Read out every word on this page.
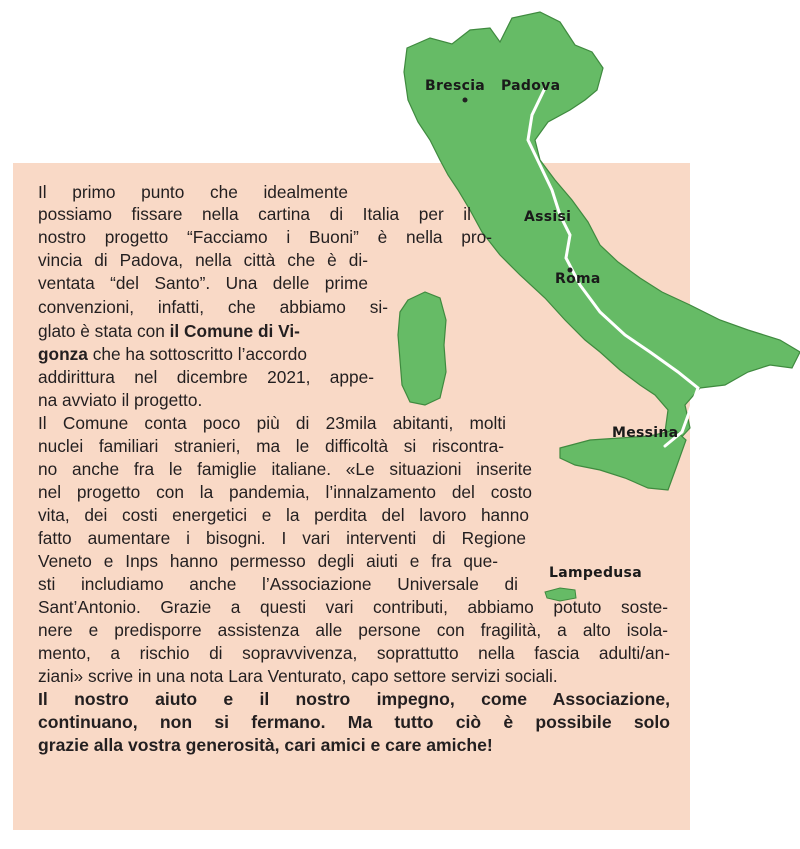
Brescia Padova
Assisi
Roma
Messina
Lampedusa
Il primo punto che idealmente
possiamo fissare nella cartina di Italia per il
nostro progetto “Facciamo i Buoni” è nella pro-
vincia di Padova, nella città che è di-
ventata “del Santo”. Una delle prime
convenzioni, infatti, che abbiamo si-
glato è stata con il Comune di Vi-
gonza che ha sottoscritto l’accordo
addirittura nel dicembre 2021, appe-
na avviato il progetto.
Il Comune conta poco più di 23mila abitanti, molti
nuclei familiari stranieri, ma le difficoltà si riscontra-
no anche fra le famiglie italiane. «Le situazioni inserite
nel progetto con la pandemia, l’innalzamento del costo
vita, dei costi energetici e la perdita del lavoro hanno
fatto aumentare i bisogni. I vari interventi di Regione
Veneto e Inps hanno permesso degli aiuti e fra que-
sti includiamo anche l’Associazione Universale di
Sant’Antonio. Grazie a questi vari contributi, abbiamo potuto soste-
nere e predisporre assistenza alle persone con fragilità, a alto isola-
mento, a rischio di sopravvivenza, soprattutto nella fascia adulti/an-
ziani» scrive in una nota Lara Venturato, capo settore servizi sociali.
Il nostro aiuto e il nostro impegno, come Associazione,
continuano, non si fermano. Ma tutto ciò è possibile solo
grazie alla vostra generosità, cari amici e care amiche!
